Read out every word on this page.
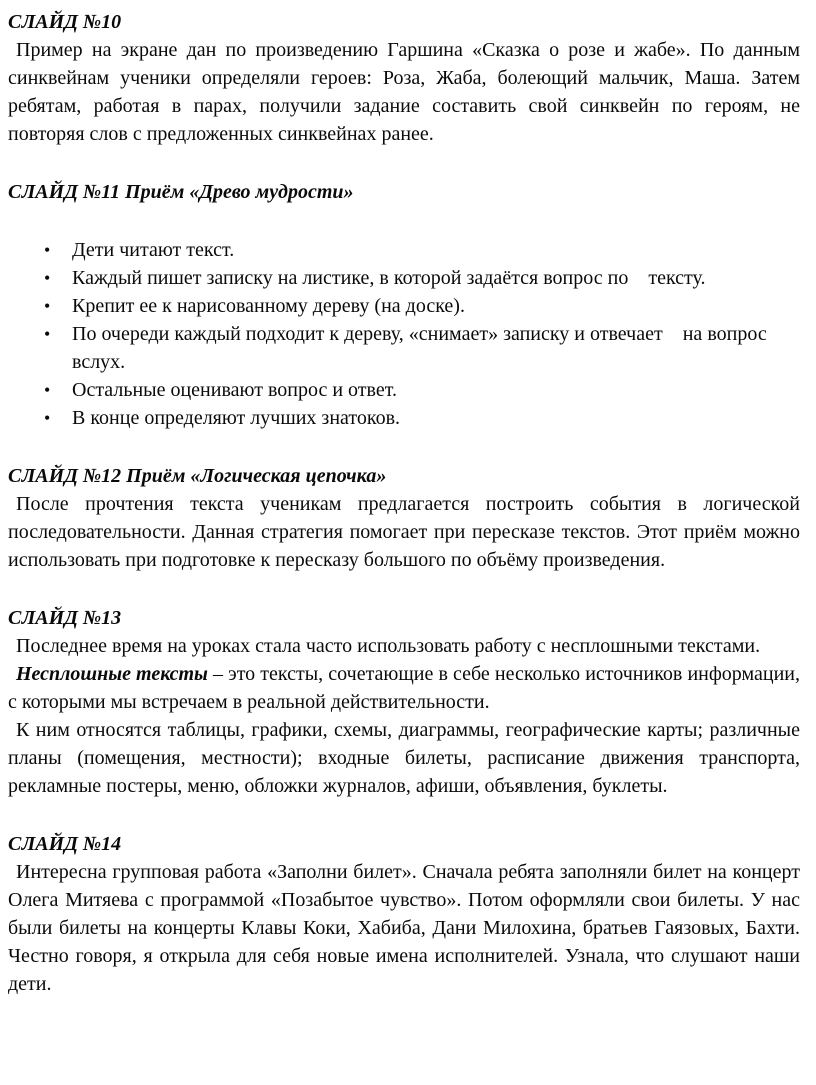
СЛАЙД №10

Пример на экране дан по произведению Гаршина «Сказка о розе и жабе». По данным синквейнам ученики определяли героев: Роза, Жаба, болеющий мальчик, Маша. Затем ребятам, работая в парах, получили задание составить свой синквейн по героям, не повторяя слов с предложенных синквейнах ранее.

СЛАЙД №11 Приём «Древо мудрости»
• Дети читают текст.
• Каждый пишет записку на листике, в которой задаётся вопрос по    тексту.
• Крепит ее к нарисованному дереву (на доске).
• По очереди каждый подходит к дереву, «снимает» записку и отвечает    на вопрос вслух.
• Остальные оценивают вопрос и ответ.
• В конце определяют лучших знатоков.
СЛАЙД №12 Приём «Логическая цепочка»

После прочтения текста ученикам предлагается построить события в логической последовательности. Данная стратегия помогает при пересказе текстов. Этот приём можно использовать при подготовке к пересказу большого по объёму произведения.

СЛАЙД №13

Последнее время на уроках стала часто использовать работу с несплошными текстами.

Несплошные тексты – это тексты, сочетающие в себе несколько источников информации, с которыми мы встречаем в реальной действительности.

К ним относятся таблицы, графики, схемы, диаграммы, географические карты; различные планы (помещения, местности); входные билеты, расписание движения транспорта, рекламные постеры, меню, обложки журналов, афиши, объявления, буклеты.

СЛАЙД №14

Интересна групповая работа «Заполни билет». Сначала ребята заполняли билет на концерт Олега Митяева с программой «Позабытое чувство». Потом оформляли свои билеты. У нас были билеты на концерты Клавы Коки, Хабиба, Дани Милохина, братьев Гаязовых, Бахти. Честно говоря, я открыла для себя новые имена исполнителей. Узнала, что слушают наши дети.
